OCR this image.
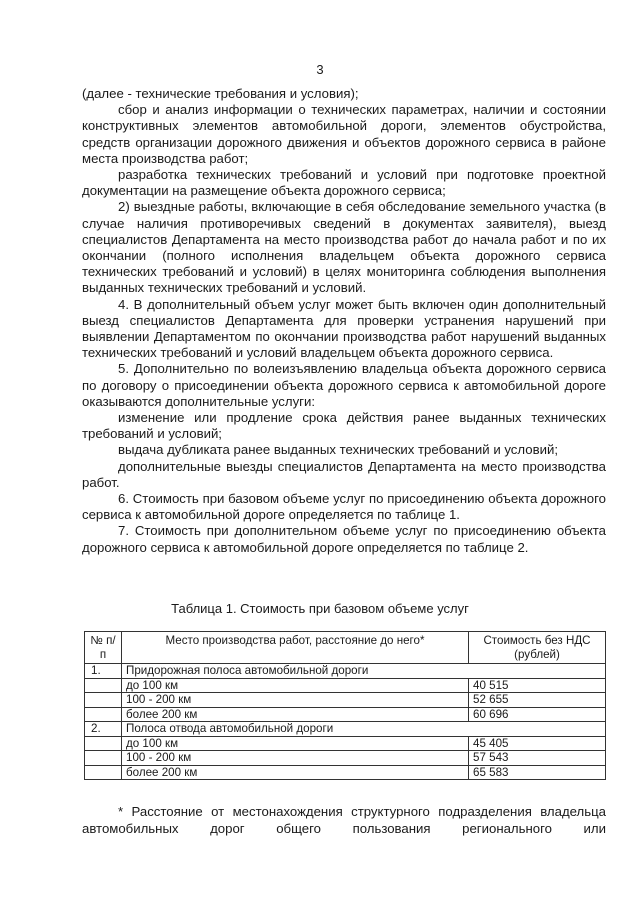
3

(далее - технические требования и условия);

сбор и анализ информации о технических параметрах, наличии и состоянии конструктивных элементов автомобильной дороги, элементов обустройства, средств организации дорожного движения и объектов дорожного сервиса в районе места производства работ;

разработка технических требований и условий при подготовке проектной документации на размещение объекта дорожного сервиса;

2) выездные работы, включающие в себя обследование земельного участка (в случае наличия противоречивых сведений в документах заявителя), выезд специалистов Департамента на место производства работ до начала работ и по их окончании (полного исполнения владельцем объекта дорожного сервиса технических требований и условий) в целях мониторинга соблюдения выполнения выданных технических требований и условий.

4. В дополнительный объем услуг может быть включен один дополнительный выезд специалистов Департамента для проверки устранения нарушений при выявлении Департаментом по окончании производства работ нарушений выданных технических требований и условий владельцем объекта дорожного сервиса.

5. Дополнительно по волеизъявлению владельца объекта дорожного сервиса по договору о присоединении объекта дорожного сервиса к автомобильной дороге оказываются дополнительные услуги:

изменение или продление срока действия ранее выданных технических требований и условий;

выдача дубликата ранее выданных технических требований и условий;

дополнительные выезды специалистов Департамента на место производства работ.

6. Стоимость при базовом объеме услуг по присоединению объекта дорожного сервиса к автомобильной дороге определяется по таблице 1.

7. Стоимость при дополнительном объеме услуг по присоединению объекта дорожного сервиса к автомобильной дороге определяется по таблице 2.

Таблица 1. Стоимость при базовом объеме услуг
№ п/п	Место производства работ, расстояние до него*	Стоимость без НДС (рублей)
1.	Придорожная полоса автомобильной дороги	
	до 100 км	40 515
	100 - 200 км	52 655
	более 200 км	60 696
2.	Полоса отвода автомобильной дороги	
	до 100 км	45 405
	100 - 200 км	57 543
	более 200 км	65 583

* Расстояние от местонахождения структурного подразделения владельца автомобильных дорог общего пользования регионального или
